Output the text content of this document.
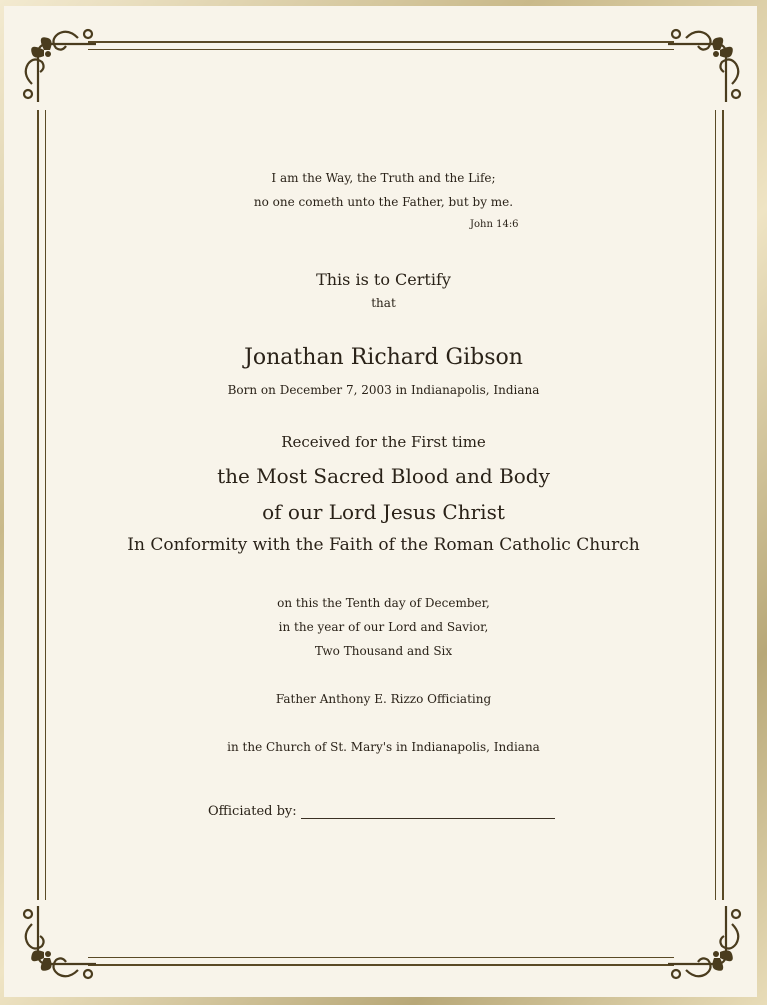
I am the Way, the Truth and the Life;
no one cometh unto the Father, but by me.
John 14:6
This is to Certify
that
Jonathan Richard Gibson
Born on December 7, 2003 in Indianapolis, Indiana
Received for the First time
the Most Sacred Blood and Body
of our Lord Jesus Christ
In Conformity with the Faith of the Roman Catholic Church
on this the Tenth day of December,
in the year of our Lord and Savior,
Two Thousand and Six
Father Anthony E. Rizzo Officiating
in the Church of St. Mary's in Indianapolis, Indiana
Officiated by:
